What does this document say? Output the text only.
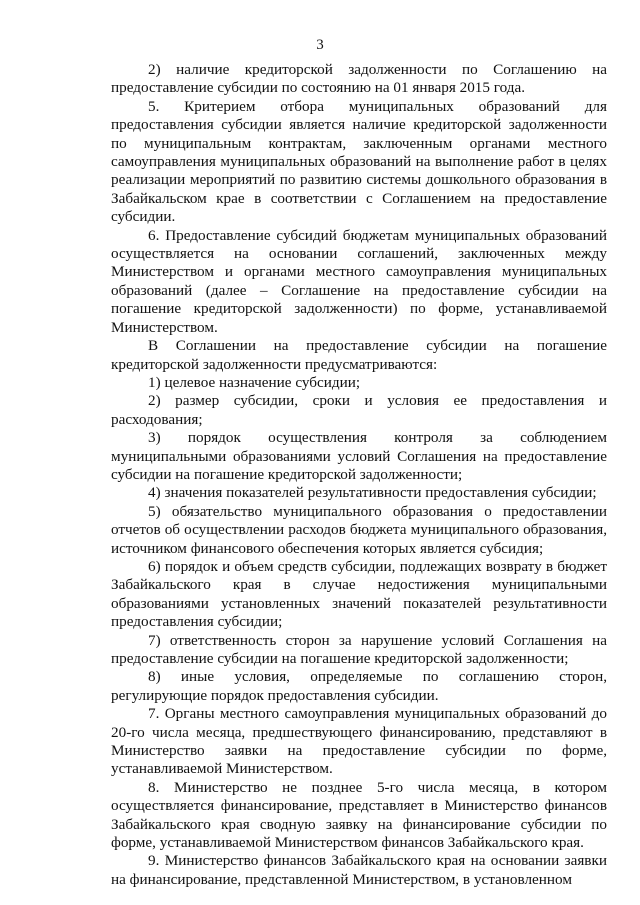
3

2) наличие кредиторской задолженности по Соглашению на предоставление субсидии по состоянию на 01 января 2015 года.

5. Критерием отбора муниципальных образований для предоставления субсидии является наличие кредиторской задолженности по муниципальным контрактам, заключенным органами местного самоуправления муниципальных образований на выполнение работ в целях реализации мероприятий по развитию системы дошкольного образования в Забайкальском крае в соответствии с Соглашением на предоставление субсидии.

6. Предоставление субсидий бюджетам муниципальных образований осуществляется на основании соглашений, заключенных между Министерством и органами местного самоуправления муниципальных образований (далее – Соглашение на предоставление субсидии на погашение кредиторской задолженности) по форме, устанавливаемой Министерством.

В Соглашении на предоставление субсидии на погашение кредиторской задолженности предусматриваются:

1) целевое назначение субсидии;

2) размер субсидии, сроки и условия ее предоставления и расходования;

3) порядок осуществления контроля за соблюдением муниципальными образованиями условий Соглашения на предоставление субсидии на погашение кредиторской задолженности;

4) значения показателей результативности предоставления субсидии;

5) обязательство муниципального образования о предоставлении отчетов об осуществлении расходов бюджета муниципального образования, источником финансового обеспечения которых является субсидия;

6) порядок и объем средств субсидии, подлежащих возврату в бюджет Забайкальского края в случае недостижения муниципальными образованиями установленных значений показателей результативности предоставления субсидии;

7) ответственность сторон за нарушение условий Соглашения на предоставление субсидии на погашение кредиторской задолженности;

8) иные условия, определяемые по соглашению сторон, регулирующие порядок предоставления субсидии.

7. Органы местного самоуправления муниципальных образований до 20-го числа месяца, предшествующего финансированию, представляют в Министерство заявки на предоставление субсидии по форме, устанавливаемой Министерством.

8. Министерство не позднее 5-го числа месяца, в котором осуществляется финансирование, представляет в Министерство финансов Забайкальского края сводную заявку на финансирование субсидии по форме, устанавливаемой Министерством финансов Забайкальского края.

9. Министерство финансов Забайкальского края на основании заявки на финансирование, представленной Министерством, в установленном
